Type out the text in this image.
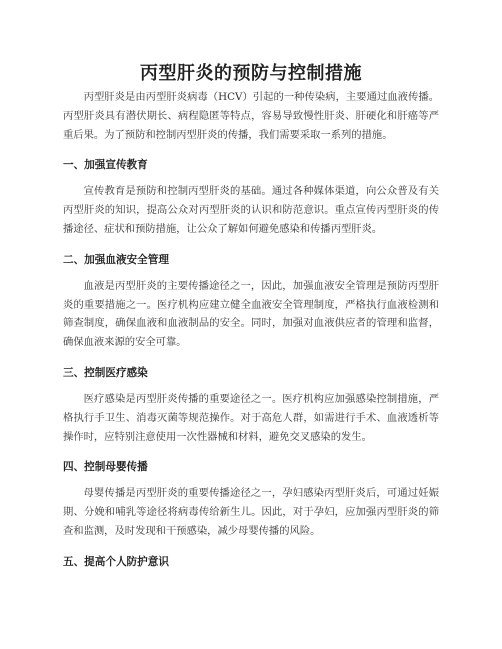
丙型肝炎的预防与控制措施

丙型肝炎是由丙型肝炎病毒（HCV）引起的一种传染病，主要通过血液传播。丙型肝炎具有潜伏期长、病程隐匿等特点，容易导致慢性肝炎、肝硬化和肝癌等严重后果。为了预防和控制丙型肝炎的传播，我们需要采取一系列的措施。

一、加强宣传教育

宣传教育是预防和控制丙型肝炎的基础。通过各种媒体渠道，向公众普及有关丙型肝炎的知识，提高公众对丙型肝炎的认识和防范意识。重点宣传丙型肝炎的传播途径、症状和预防措施，让公众了解如何避免感染和传播丙型肝炎。

二、加强血液安全管理

血液是丙型肝炎的主要传播途径之一，因此，加强血液安全管理是预防丙型肝炎的重要措施之一。医疗机构应建立健全血液安全管理制度，严格执行血液检测和筛查制度，确保血液和血液制品的安全。同时，加强对血液供应者的管理和监督，确保血液来源的安全可靠。

三、控制医疗感染

医疗感染是丙型肝炎传播的重要途径之一。医疗机构应加强感染控制措施，严格执行手卫生、消毒灭菌等规范操作。对于高危人群，如需进行手术、血液透析等操作时，应特别注意使用一次性器械和材料，避免交叉感染的发生。

四、控制母婴传播

母婴传播是丙型肝炎的重要传播途径之一，孕妇感染丙型肝炎后，可通过妊娠期、分娩和哺乳等途径将病毒传给新生儿。因此，对于孕妇，应加强丙型肝炎的筛查和监测，及时发现和干预感染，减少母婴传播的风险。

五、提高个人防护意识
